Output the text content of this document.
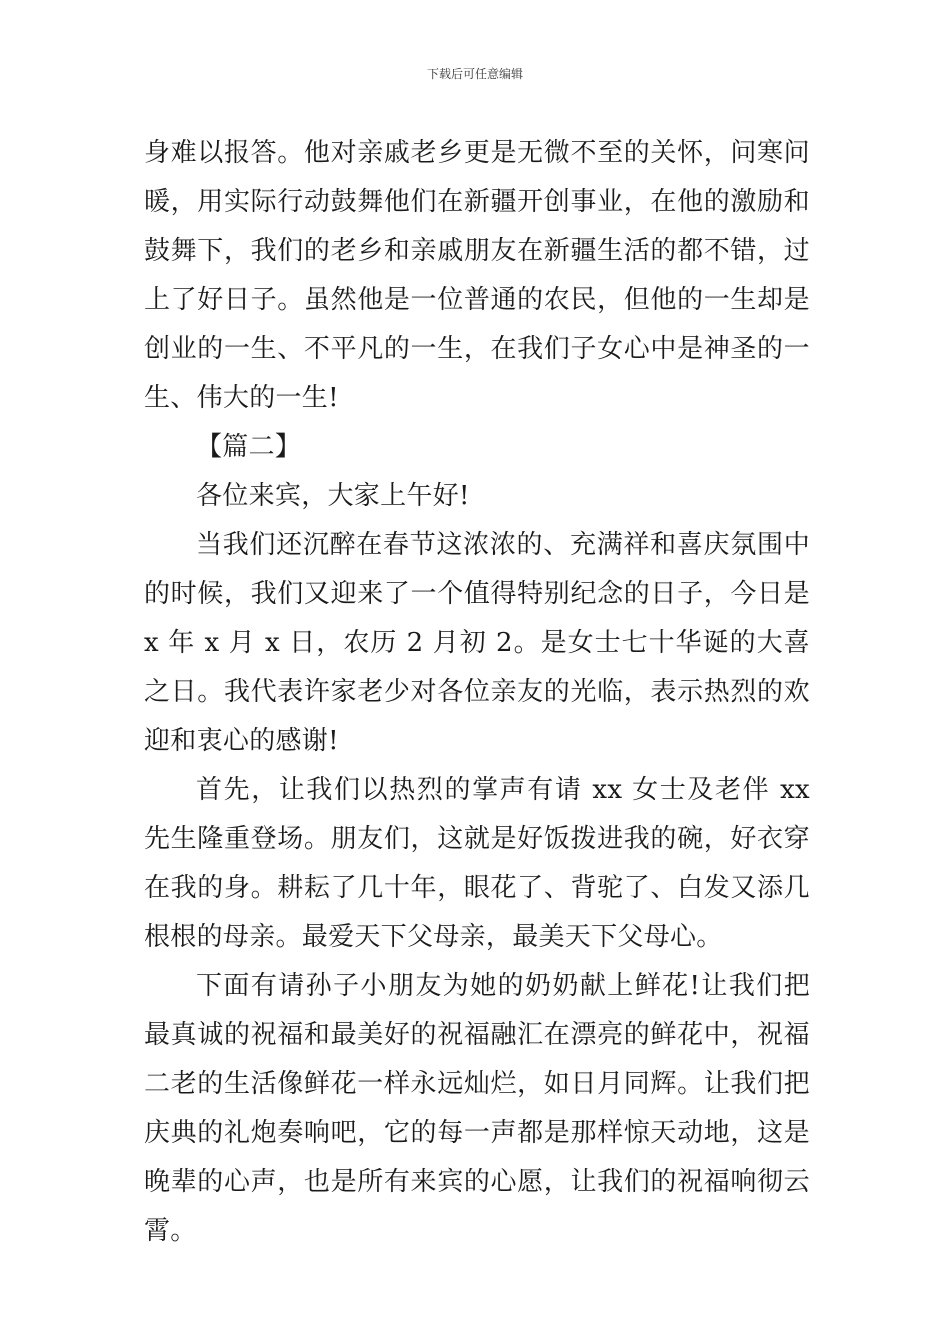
下载后可任意编辑

身难以报答。他对亲戚老乡更是无微不至的关怀，问寒问暖，用实际行动鼓舞他们在新疆开创事业，在他的激励和鼓舞下，我们的老乡和亲戚朋友在新疆生活的都不错，过上了好日子。虽然他是一位普通的农民，但他的一生却是创业的一生、不平凡的一生，在我们子女心中是神圣的一生、伟大的一生!

【篇二】

各位来宾，大家上午好!

当我们还沉醉在春节这浓浓的、充满祥和喜庆氛围中的时候，我们又迎来了一个值得特别纪念的日子，今日是 x 年 x 月 x 日，农历 2 月初 2。是女士七十华诞的大喜之日。我代表许家老少对各位亲友的光临，表示热烈的欢迎和衷心的感谢!

首先，让我们以热烈的掌声有请 xx 女士及老伴 xx 先生隆重登场。朋友们，这就是好饭拨进我的碗，好衣穿在我的身。耕耘了几十年，眼花了、背驼了、白发又添几根根的母亲。最爱天下父母亲，最美天下父母心。

下面有请孙子小朋友为她的奶奶献上鲜花!让我们把最真诚的祝福和最美好的祝福融汇在漂亮的鲜花中，祝福二老的生活像鲜花一样永远灿烂，如日月同辉。让我们把庆典的礼炮奏响吧，它的每一声都是那样惊天动地，这是晚辈的心声，也是所有来宾的心愿，让我们的祝福响彻云霄。
